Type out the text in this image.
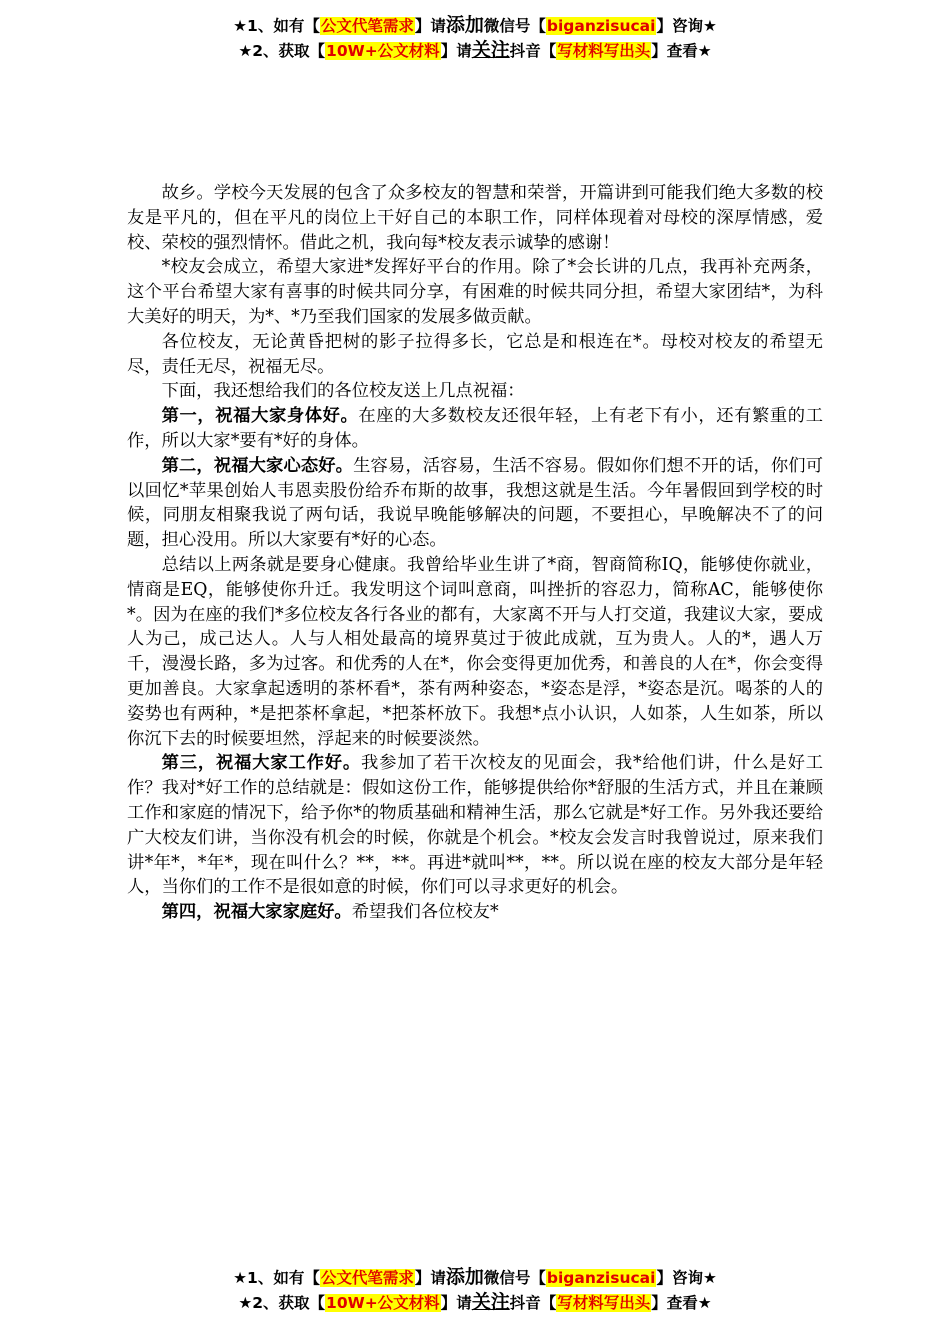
★1、如有【公文代笔需求】请添加微信号【biganzisucai】咨询★
★2、获取【10W+公文材料】请关注抖音【写材料写出头】查看★

故乡。学校今天发展的包含了众多校友的智慧和荣誉，开篇讲到可能我们绝大多数的校友是平凡的，但在平凡的岗位上干好自己的本职工作，同样体现着对母校的深厚情感，爱校、荣校的强烈情怀。借此之机，我向每*校友表示诚挚的感谢！

*校友会成立，希望大家进*发挥好平台的作用。除了*会长讲的几点，我再补充两条，这个平台希望大家有喜事的时候共同分享，有困难的时候共同分担，希望大家团结*，为科大美好的明天，为*、*乃至我们国家的发展多做贡献。

各位校友，无论黄昏把树的影子拉得多长，它总是和根连在*。母校对校友的希望无尽，责任无尽，祝福无尽。

下面，我还想给我们的各位校友送上几点祝福：

第一，祝福大家身体好。在座的大多数校友还很年轻，上有老下有小，还有繁重的工作，所以大家*要有*好的身体。

第二，祝福大家心态好。生容易，活容易，生活不容易。假如你们想不开的话，你们可以回忆*苹果创始人韦恩卖股份给乔布斯的故事，我想这就是生活。今年暑假回到学校的时候，同朋友相聚我说了两句话，我说早晚能够解决的问题，不要担心，早晚解决不了的问题，担心没用。所以大家要有*好的心态。

总结以上两条就是要身心健康。我曾给毕业生讲了*商，智商简称IQ，能够使你就业，情商是EQ，能够使你升迁。我发明这个词叫意商，叫挫折的容忍力，简称AC，能够使你*。因为在座的我们*多位校友各行各业的都有，大家离不开与人打交道，我建议大家，要成人为己，成己达人。人与人相处最高的境界莫过于彼此成就，互为贵人。人的*，遇人万千，漫漫长路，多为过客。和优秀的人在*，你会变得更加优秀，和善良的人在*，你会变得更加善良。大家拿起透明的茶杯看*，茶有两种姿态，*姿态是浮，*姿态是沉。喝茶的人的姿势也有两种，*是把茶杯拿起，*把茶杯放下。我想*点小认识，人如茶，人生如茶，所以你沉下去的时候要坦然，浮起来的时候要淡然。

第三，祝福大家工作好。我参加了若干次校友的见面会，我*给他们讲，什么是好工作？我对*好工作的总结就是：假如这份工作，能够提供给你*舒服的生活方式，并且在兼顾工作和家庭的情况下，给予你*的物质基础和精神生活，那么它就是*好工作。另外我还要给广大校友们讲，当你没有机会的时候，你就是个机会。*校友会发言时我曾说过，原来我们讲*年*，*年*，现在叫什么？**，**。再进*就叫**，**。所以说在座的校友大部分是年轻人，当你们的工作不是很如意的时候，你们可以寻求更好的机会。

第四，祝福大家家庭好。希望我们各位校友*

★1、如有【公文代笔需求】请添加微信号【biganzisucai】咨询★
★2、获取【10W+公文材料】请关注抖音【写材料写出头】查看★
